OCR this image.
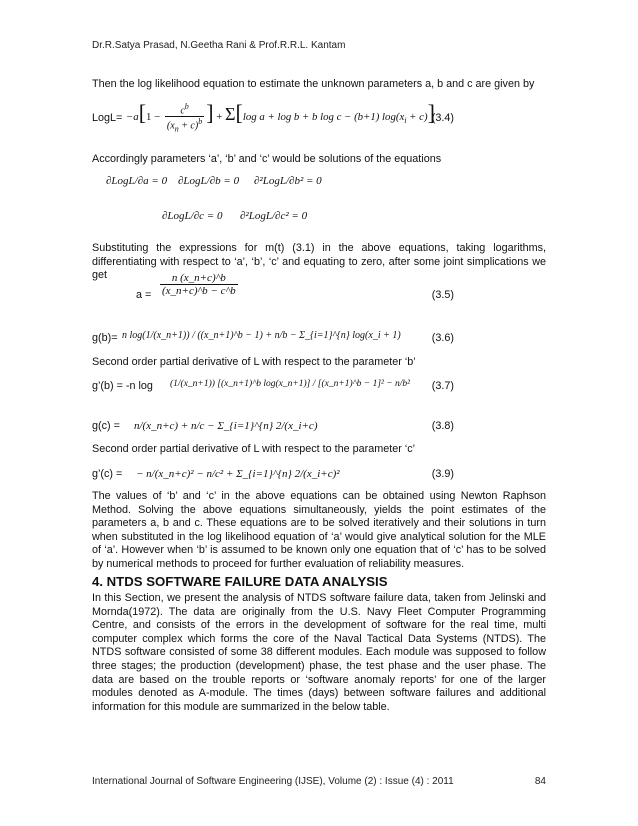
Dr.R.Satya Prasad, N.Geetha Rani & Prof.R.R.L. Kantam
Then the log likelihood equation to estimate the unknown parameters a, b and c are given by
LogL= $-a[1 - \frac{c^b}{(x_n + c)^b}$ ] + Σ[log a + log b + b log c − (b+1) $\log(x_i + c)$]
(3.4)
Accordingly parameters ‘a’, ‘b’ and ‘c’ would be solutions of the equations
∂LogL/∂a = 0 ∂LogL/∂b = 0 ∂²LogL/∂b² = 0
∂LogL/∂c = 0 ∂²LogL/∂c² = 0
Substituting the expressions for m(t) (3.1) in the above equations, taking logarithms, differentiating with respect to ‘a’, ‘b’, ‘c’ and equating to zero, after some joint simplications we get
$a = \frac{n (x\_n+c)\^{}b}{(x\_n+c)\^{}b - c\^{}b}$	(3.5)
g(b)= n log(1/(x_n+1)) / ((x_n+1)^b − 1) + n/b − Σ_{i=1}^{n} log(x_i + 1)	(3.6)
Second order partial derivative of L with respect to the parameter ‘b’
g’(b) = -n log (1/(x_n+1)) [(x_n+1)^b log(x_n+1)] / [(x_n+1)^b − 1]² − n/b² (3.7)
g(c) = n/(x_n+c) + n/c − Σ_{i=1}^{n} 2/(x_i+c)	(3.8)
Second order partial derivative of L with respect to the parameter ‘c’
g’(c) = − n/(x_n+c)² − n/c² + Σ_{i=1}^{n} 2/(x_i+c)²	(3.9)
The values of ‘b’ and ‘c’ in the above equations can be obtained using Newton Raphson Method. Solving the above equations simultaneously, yields the point estimates of the parameters a, b and c. These equations are to be solved iteratively and their solutions in turn when substituted in the log likelihood equation of ‘a’ would give analytical solution for the MLE of ‘a’. However when ‘b’ is assumed to be known only one equation that of ‘c’ has to be solved by numerical methods to proceed for further evaluation of reliability measures.
4. NTDS SOFTWARE FAILURE DATA ANALYSIS
In this Section, we present the analysis of NTDS software failure data, taken from Jelinski and Mornda(1972). The data are originally from the U.S. Navy Fleet Computer Programming Centre, and consists of the errors in the development of software for the real time, multi computer complex which forms the core of the Naval Tactical Data Systems (NTDS). The NTDS software consisted of some 38 different modules. Each module was supposed to follow three stages; the production (development) phase, the test phase and the user phase. The data are based on the trouble reports or ‘software anomaly reports’ for one of the larger modules denoted as A-module. The times (days) between software failures and additional information for this module are summarized in the below table.
International Journal of Software Engineering (IJSE), Volume (2) : Issue (4) : 2011	84
